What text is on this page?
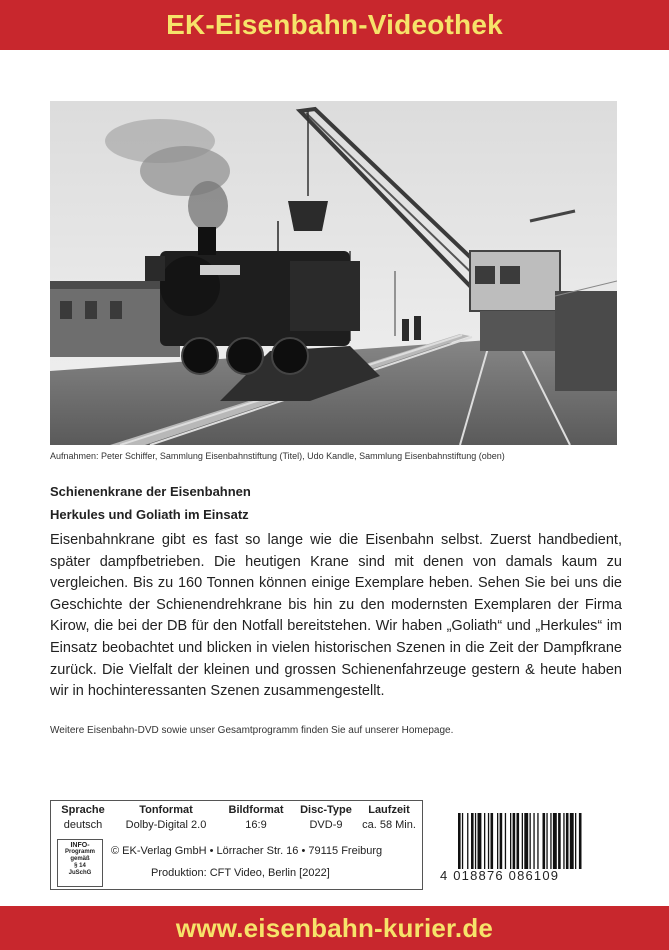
EK-Eisenbahn-Videothek
Aufnahmen: Peter Schiffer, Sammlung Eisenbahnstiftung (Titel), Udo Kandle, Sammlung Eisenbahnstiftung (oben)
Schienenkrane der Eisenbahnen
Herkules und Goliath im Einsatz
Eisenbahnkrane gibt es fast so lange wie die Eisenbahn selbst. Zuerst handbedient, später dampfbetrieben. Die heutigen Krane sind mit denen von damals kaum zu vergleichen. Bis zu 160 Tonnen können einige Exemplare heben. Sehen Sie bei uns die Geschichte der Schienendrehkrane bis hin zu den modernsten Exemplaren der Firma Kirow, die bei der DB für den Notfall bereitstehen. Wir haben „Goliath“ und „Herkules“ im Einsatz beobachtet und blicken in vielen historischen Szenen in die Zeit der Dampfkrane zurück. Die Vielfalt der kleinen und grossen Schienenfahrzeuge gestern & heute haben wir in hochinteressanten Szenen zusammengestellt.
Weitere Eisenbahn-DVD sowie unser Gesamtprogramm finden Sie auf unserer Homepage.
Sprache
deutsch
Tonformat
Dolby-Digital 2.0
Bildformat
16:9
Disc-Type
DVD-9
Laufzeit
ca. 58 Min.
INFO-
Programm
gemäß
§ 14
JuSchG
© EK-Verlag GmbH • Lörracher Str. 16 • 79115 Freiburg
Produktion: CFT Video, Berlin [2022]	4 018876 086109
www.eisenbahn-kurier.de
